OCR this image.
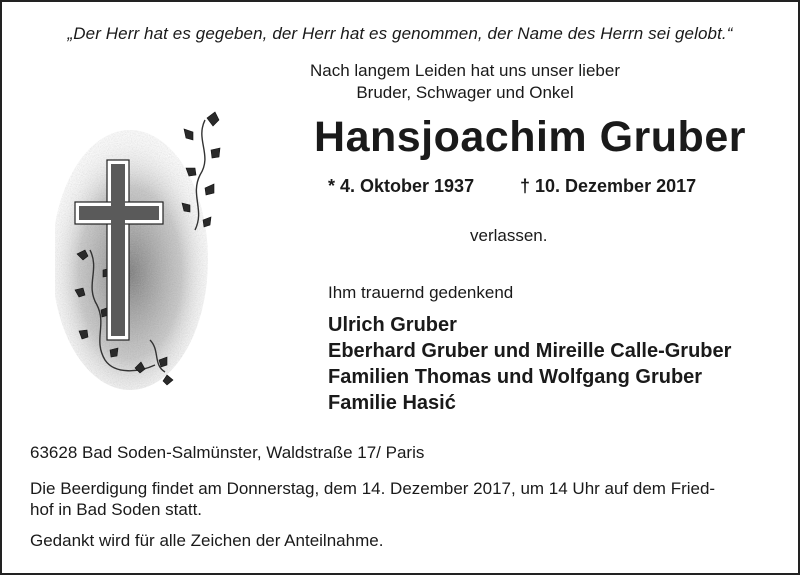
„Der Herr hat es gegeben, der Herr hat es genommen, der Name des Herrn sei gelobt.“
Nach langem Leiden hat uns unser lieber
Bruder, Schwager und Onkel
Hansjoachim Gruber
* 4. Oktober 1937	† 10. Dezember 2017
verlassen.
Ihm trauernd gedenkend
Ulrich Gruber
Eberhard Gruber und Mireille Calle-Gruber
Familien Thomas und Wolfgang Gruber
Familie Hasić
63628 Bad Soden-Salmünster, Waldstraße 17/ Paris
Die Beerdigung findet am Donnerstag, dem 14. Dezember 2017, um 14 Uhr auf dem Fried-
hof in Bad Soden statt.
Gedankt wird für alle Zeichen der Anteilnahme.
